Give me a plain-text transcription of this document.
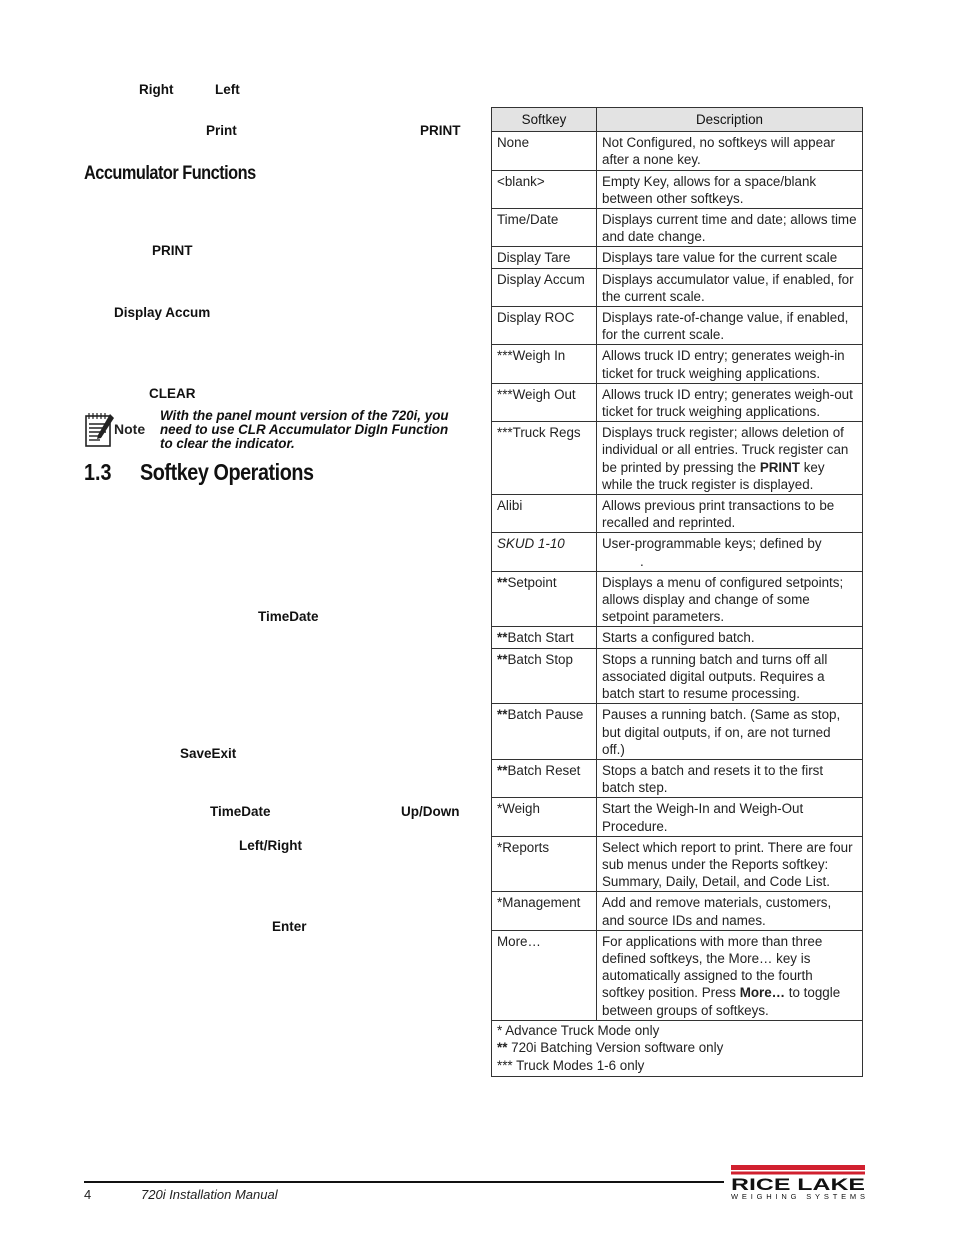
Right	Left
Print	PRINT
Accumulator Functions
PRINT
Display Accum
CLEAR
Note
With the panel mount version of the 720i, you
need to use CLR Accumulator DigIn Function
to clear the indicator.
1.3 Softkey Operations
TimeDate
SaveExit
TimeDate	Up/Down
Left/Right
Enter
Softkey	Description
None	Not Configured, no softkeys will appear after a none key.
<blank>	Empty Key, allows for a space/blank between other softkeys.
Time/Date	Displays current time and date; allows time and date change.
Display Tare	Displays tare value for the current scale
Display Accum	Displays accumulator value, if enabled, for the current scale.
Display ROC	Displays rate-of-change value, if enabled, for the current scale.
***Weigh In	Allows truck ID entry; generates weigh-in ticket for truck weighing applications.
***Weigh Out	Allows truck ID entry; generates weigh-out ticket for truck weighing applications.
***Truck Regs	Displays truck register; allows deletion of individual or all entries. Truck register can be printed by pressing the PRINT key while the truck register is displayed.
Alibi	Allows previous print transactions to be recalled and reprinted.
SKUD 1-10	User-programmable keys; defined by
.

**Setpoint	Displays a menu of configured setpoints; allows display and change of some setpoint parameters.
**Batch Start	Starts a configured batch.
**Batch Stop	Stops a running batch and turns off all associated digital outputs. Requires a batch start to resume processing.
**Batch Pause	Pauses a running batch. (Same as stop, but digital outputs, if on, are not turned off.)
**Batch Reset	Stops a batch and resets it to the first batch step.
*Weigh	Start the Weigh-In and Weigh-Out Procedure.
*Reports	Select which report to print. There are four sub menus under the Reports softkey: Summary, Daily, Detail, and Code List.
*Management	Add and remove materials, customers, and source IDs and names.
More…	For applications with more than three defined softkeys, the More… key is automatically assigned to the fourth softkey position. Press More… to toggle between groups of softkeys.

* Advance Truck Mode only
** 720i Batching Version software only
*** Truck Modes 1-6 only	
4	720i Installation Manual
RICE LAKE
WEIGHING SYSTEMS
